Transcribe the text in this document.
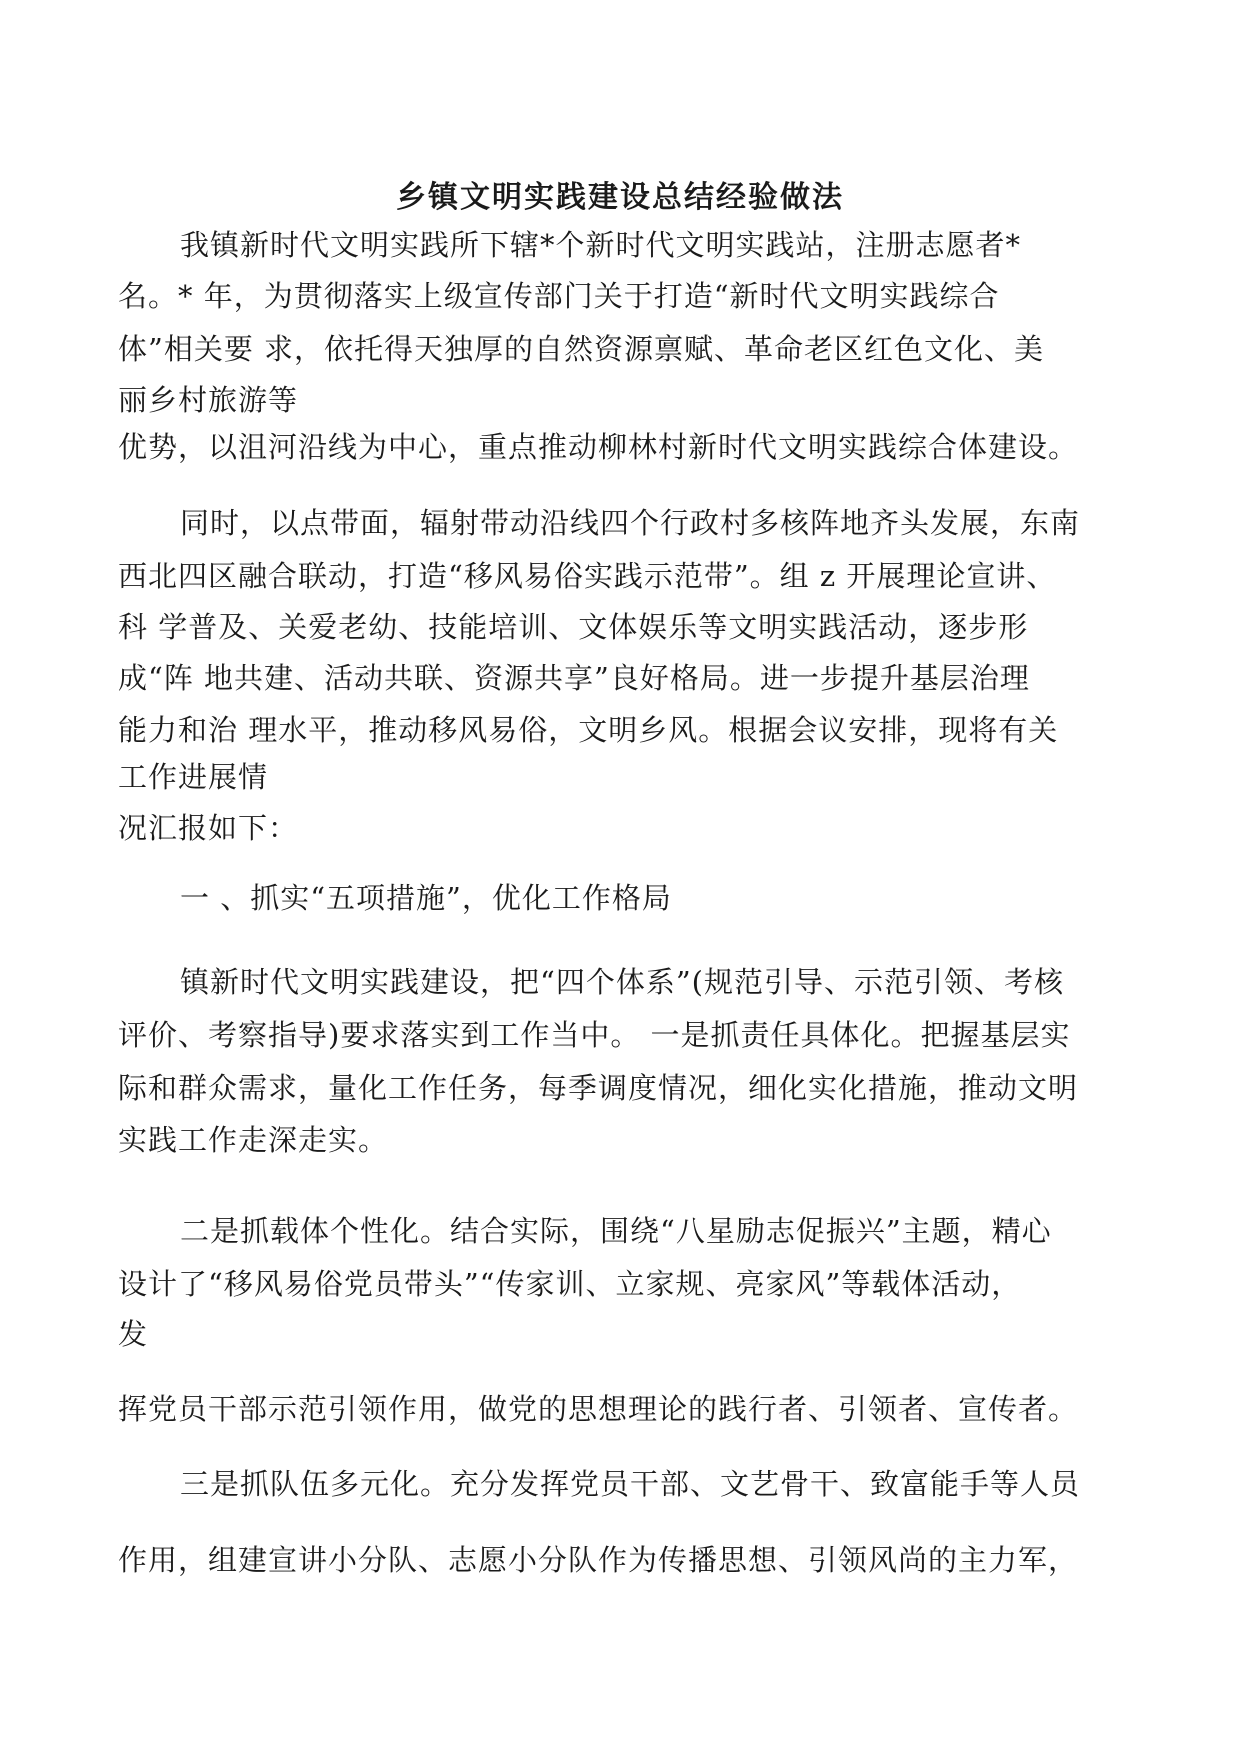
乡镇文明实践建设总结经验做法
我镇新时代文明实践所下辖*个新时代文明实践站，注册志愿者*
名。* 年，为贯彻落实上级宣传部门关于打造“新时代文明实践综合
体”相关要 求，依托得天独厚的自然资源禀赋、革命老区红色文化、美
丽乡村旅游等
优势，以沮河沿线为中心，重点推动柳林村新时代文明实践综合体建设。
同时，以点带面，辐射带动沿线四个行政村多核阵地齐头发展，东南
西北四区融合联动，打造“移风易俗实践示范带”。组 z 开展理论宣讲、
科 学普及、关爱老幼、技能培训、文体娱乐等文明实践活动，逐步形
成“阵 地共建、活动共联、资源共享”良好格局。进一步提升基层治理
能力和治 理水平，推动移风易俗，文明乡风。根据会议安排，现将有关
工作进展情
况汇报如下：
一 、抓实“五项措施”，优化工作格局
镇新时代文明实践建设，把“四个体系”(规范引导、示范引领、考核
评价、考察指导)要求落实到工作当中。 一是抓责任具体化。把握基层实
际和群众需求，量化工作任务，每季调度情况，细化实化措施，推动文明
实践工作走深走实。
二是抓载体个性化。结合实际，围绕“八星励志促振兴”主题，精心
设计了“移风易俗党员带头”“传家训、立家规、亮家风”等载体活动，
发
挥党员干部示范引领作用，做党的思想理论的践行者、引领者、宣传者。
三是抓队伍多元化。充分发挥党员干部、文艺骨干、致富能手等人员
作用，组建宣讲小分队、志愿小分队作为传播思想、引领风尚的主力军，
